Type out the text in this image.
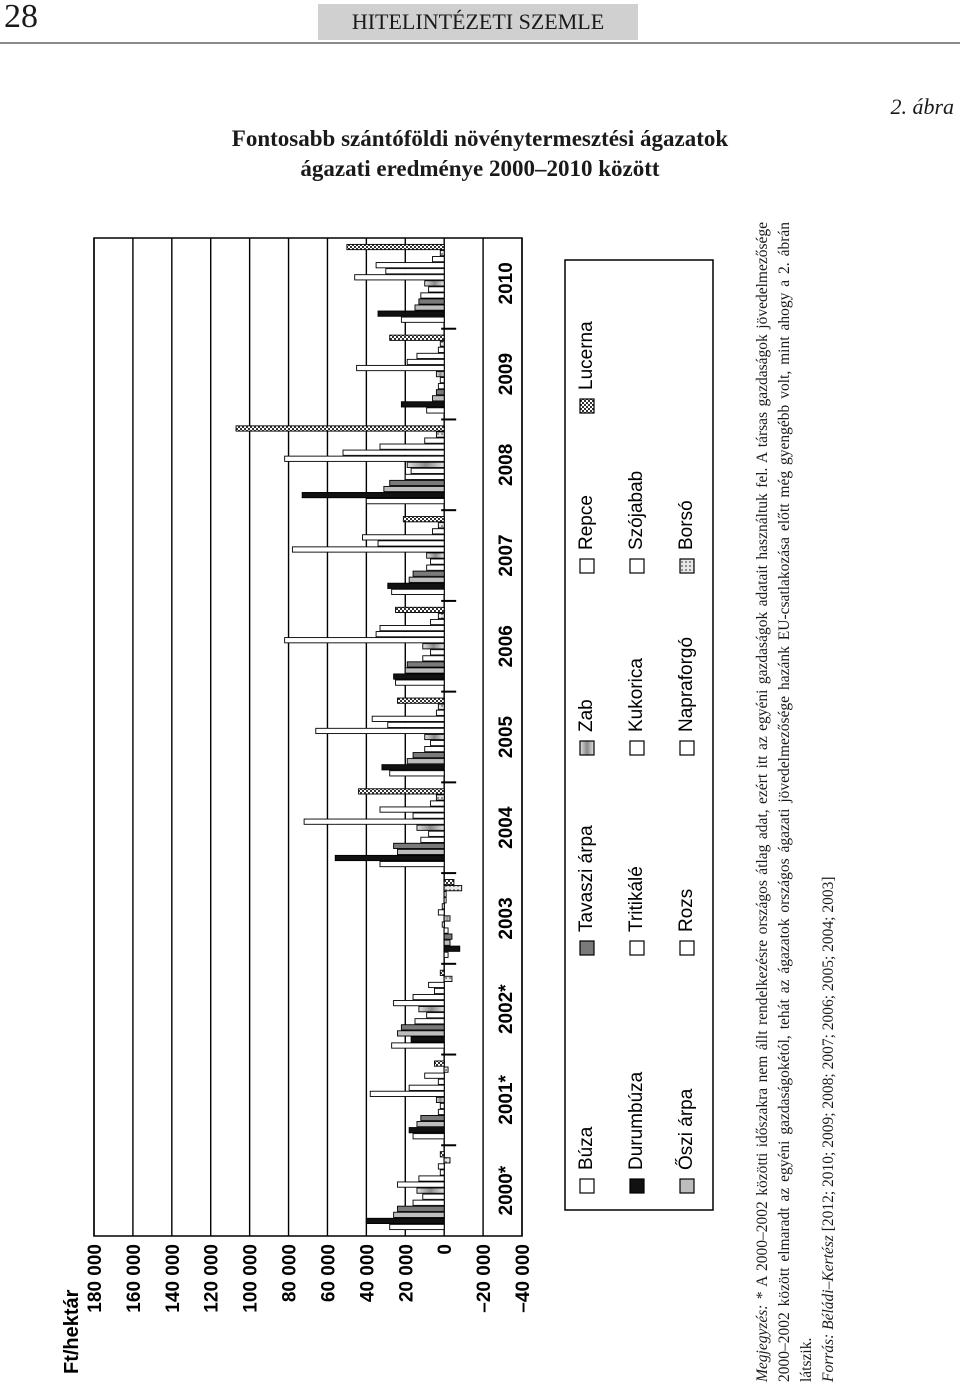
28	HITELINTÉZETI SZEMLE
2. ábra
Fontosabb szántóföldi növénytermesztési ágazatok
ágazati eredménye 2000–2010 között
180 000 160 000 140 000 120 000 100 000 80 000 60 000 40 000 20 000 0 –20 000 –40 000
Ft/hektár
2000*
2001*
2002*
2003
2004
2005
2006
2007
2008
2009
2010
Búza Durumbúza Őszi árpa
Tavaszi árpa Tritikálé Rozs
Zab Kukorica Napraforgó
Repce Szójabab Borsó
Lucerna

Megjegyzés: * A 2000–2002 közötti időszakra nem állt rendelkezésre országos átlag adat, ezért itt az egyéni gazdaságok adatait használtuk fel. A társas gazdaságok jövedelmezősége 2000–2002 között elmaradt az egyéni gazdaságokétól, tehát az ágazatok országos ágazati jövedelmezősége hazánk EU-csatlakozása előtt még gyengébb volt, mint ahogy a 2. ábrán látszik. Forrás: Béládi–Kertész [2012; 2010; 2009; 2008; 2007; 2006; 2005; 2004; 2003]
